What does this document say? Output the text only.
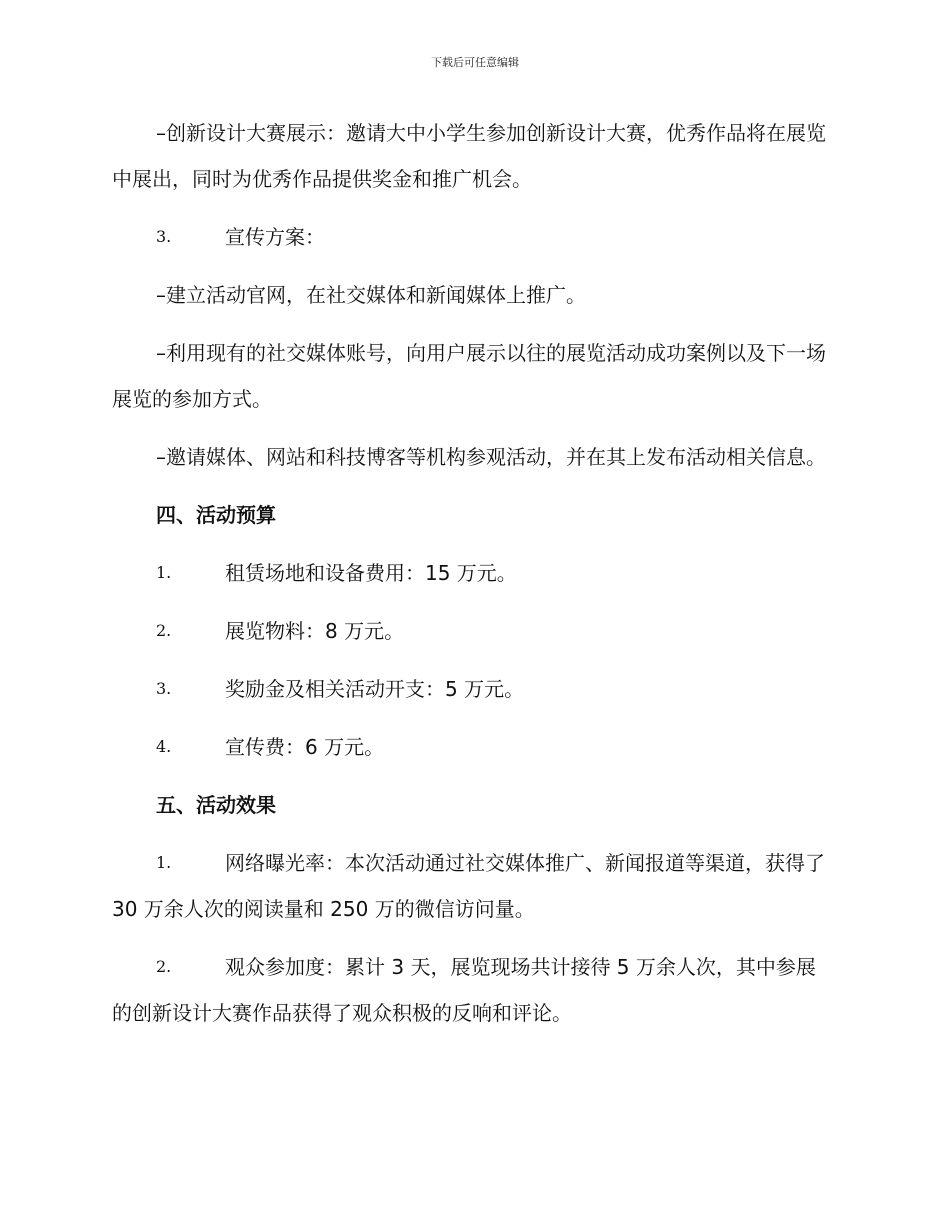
下载后可任意编辑

–创新设计大赛展示：邀请大中小学生参加创新设计大赛，优秀作品将在展览中展出，同时为优秀作品提供奖金和推广机会。

3.	宣传方案：

–建立活动官网，在社交媒体和新闻媒体上推广。

–利用现有的社交媒体账号，向用户展示以往的展览活动成功案例以及下一场展览的参加方式。

–邀请媒体、网站和科技博客等机构参观活动，并在其上发布活动相关信息。

四、活动预算
1.	租赁场地和设备费用：15 万元。
2.	展览物料：8 万元。
3.	奖励金及相关活动开支：5 万元。
4.	宣传费：6 万元。
五、活动效果
1.	网络曝光率：本次活动通过社交媒体推广、新闻报道等渠道，获得了 30 万余人次的阅读量和 250 万的微信访问量。
2.	观众参加度：累计 3 天，展览现场共计接待 5 万余人次，其中参展的创新设计大赛作品获得了观众积极的反响和评论。
